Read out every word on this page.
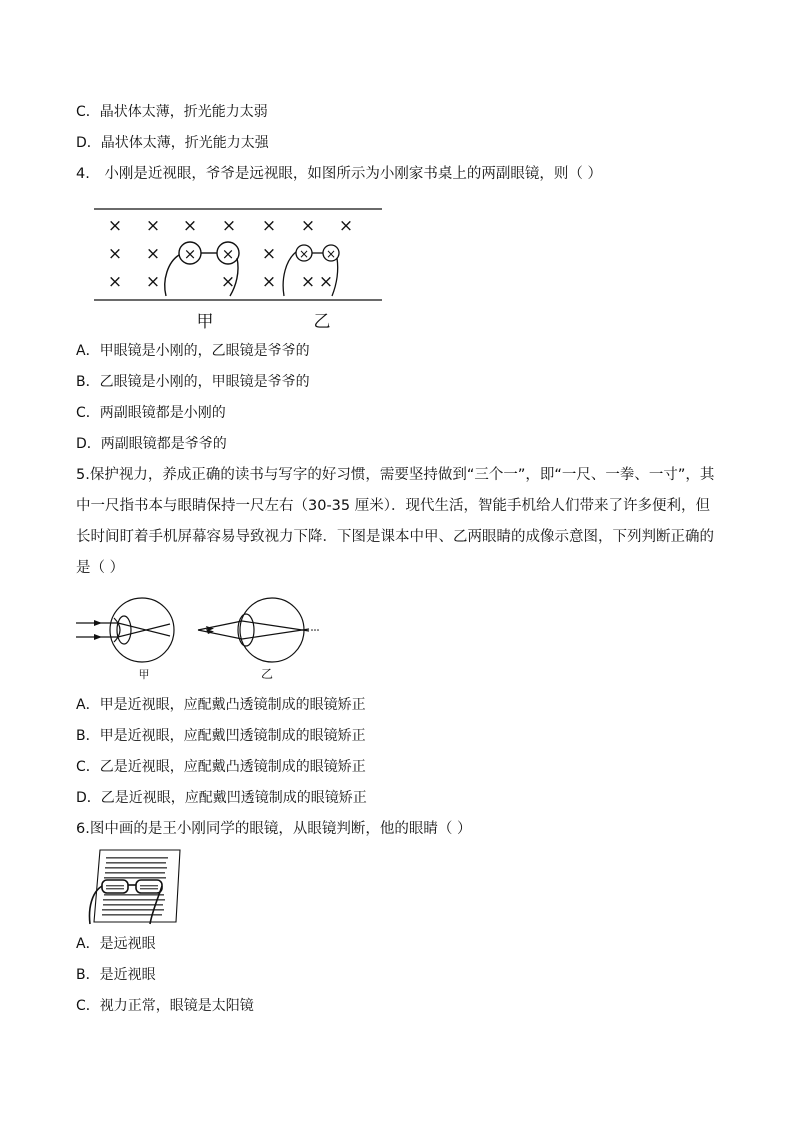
C．晶状体太薄，折光能力太弱
D．晶状体太薄，折光能力太强
4.　小刚是近视眼，爷爷是远视眼，如图所示为小刚家书桌上的两副眼镜，则（ ）
× × × × × × ×
× ×	×
× ×	× × ×
× ×
×
× ×
甲	乙
A．甲眼镜是小刚的，乙眼镜是爷爷的
B．乙眼镜是小刚的，甲眼镜是爷爷的
C．两副眼镜都是小刚的
D．两副眼镜都是爷爷的
5.保护视力，养成正确的读书与写字的好习惯，需要坚持做到“三个一”，即“一尺、一拳、一寸”，其
中一尺指书本与眼睛保持一尺左右（30-35 厘米）．现代生活，智能手机给人们带来了许多便利，但
长时间盯着手机屏幕容易导致视力下降．下图是课本中甲、乙两眼睛的成像示意图，下列判断正确的
是（ ）
甲	乙
A．甲是近视眼，应配戴凸透镜制成的眼镜矫正
B．甲是近视眼，应配戴凹透镜制成的眼镜矫正
C．乙是近视眼，应配戴凸透镜制成的眼镜矫正
D．乙是近视眼，应配戴凹透镜制成的眼镜矫正
6.图中画的是王小刚同学的眼镜，从眼镜判断，他的眼睛（ ）
A．是远视眼
B．是近视眼
C．视力正常，眼镜是太阳镜
